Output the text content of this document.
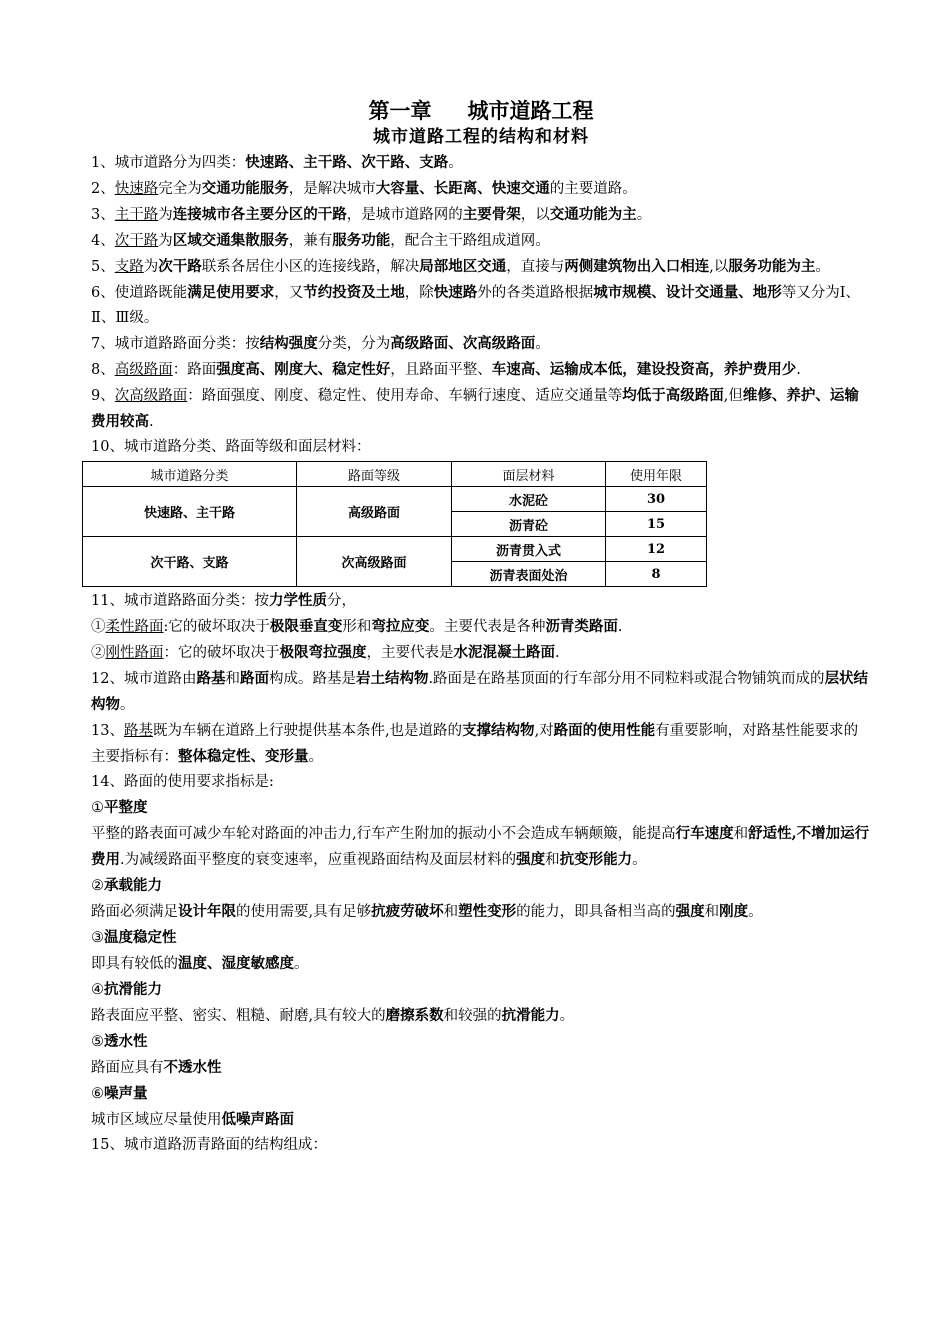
第一章 城市道路工程
城市道路工程的结构和材料

1、城市道路分为四类：快速路、主干路、次干路、支路。

2、快速路完全为交通功能服务，是解决城市大容量、长距离、快速交通的主要道路。

3、主干路为连接城市各主要分区的干路，是城市道路网的主要骨架，以交通功能为主。

4、次干路为区域交通集散服务，兼有服务功能，配合主干路组成道网。

5、支路为次干路联系各居住小区的连接线路，解决局部地区交通，直接与两侧建筑物出入口相连,以服务功能为主。

6、使道路既能满足使用要求，又节约投资及土地，除快速路外的各类道路根据城市规模、设计交通量、地形等又分为Ⅰ、Ⅱ、Ⅲ级。

7、城市道路路面分类：按结构强度分类，分为高级路面、次高级路面。

8、高级路面：路面强度高、刚度大、稳定性好，且路面平整、车速高、运输成本低，建设投资高，养护费用少.

9、次高级路面：路面强度、刚度、稳定性、使用寿命、车辆行速度、适应交通量等均低于高级路面,但维修、养护、运输费用较高.

10、城市道路分类、路面等级和面层材料：

城市道路分类	路面等级	面层材料	使用年限
快速路、主干路	高级路面	水泥砼	30
		沥青砼	15
次干路、支路	次高级路面	沥青贯入式	12
		沥青表面处治	8

11、城市道路路面分类：按力学性质分，

①柔性路面:它的破坏取决于极限垂直变形和弯拉应变。主要代表是各种沥青类路面.

②刚性路面：它的破坏取决于极限弯拉强度，主要代表是水泥混凝土路面.

12、城市道路由路基和路面构成。路基是岩土结构物.路面是在路基顶面的行车部分用不同粒料或混合物铺筑而成的层状结构物。

13、路基既为车辆在道路上行驶提供基本条件,也是道路的支撑结构物,对路面的使用性能有重要影响，对路基性能要求的主要指标有：整体稳定性、变形量。

14、路面的使用要求指标是:

①平整度

平整的路表面可减少车轮对路面的冲击力,行车产生附加的振动小不会造成车辆颠簸，能提高行车速度和舒适性,不增加运行费用.为减缓路面平整度的衰变速率，应重视路面结构及面层材料的强度和抗变形能力。

②承载能力

路面必须满足设计年限的使用需要,具有足够抗疲劳破坏和塑性变形的能力，即具备相当高的强度和刚度。

③温度稳定性

即具有较低的温度、湿度敏感度。

④抗滑能力

路表面应平整、密实、粗糙、耐磨,具有较大的磨擦系数和较强的抗滑能力。

⑤透水性

路面应具有不透水性

⑥噪声量

城市区域应尽量使用低噪声路面

15、城市道路沥青路面的结构组成：
